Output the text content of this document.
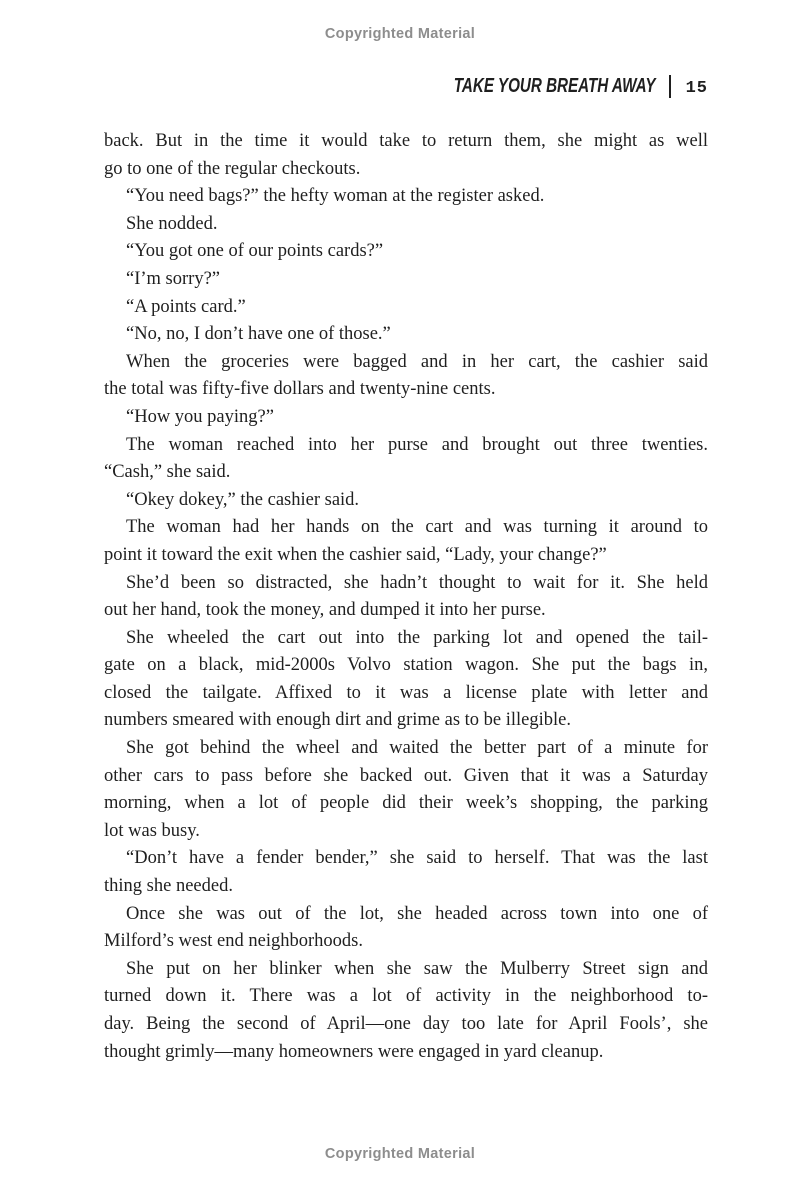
Copyrighted Material
TAKE YOUR BREATH AWAY 15
back. But in the time it would take to return them, she might as well
go to one of the regular checkouts.
“You need bags?” the hefty woman at the register asked.
She nodded.
“You got one of our points cards?”
“I’m sorry?”
“A points card.”
“No, no, I don’t have one of those.”
When the groceries were bagged and in her cart, the cashier said
the total was fifty-five dollars and twenty-nine cents.
“How you paying?”
The woman reached into her purse and brought out three twenties.
“Cash,” she said.
“Okey dokey,” the cashier said.
The woman had her hands on the cart and was turning it around to
point it toward the exit when the cashier said, “Lady, your change?”
She’d been so distracted, she hadn’t thought to wait for it. She held
out her hand, took the money, and dumped it into her purse.
She wheeled the cart out into the parking lot and opened the tail-
gate on a black, mid-2000s Volvo station wagon. She put the bags in,
closed the tailgate. Affixed to it was a license plate with letter and
numbers smeared with enough dirt and grime as to be illegible.
She got behind the wheel and waited the better part of a minute for
other cars to pass before she backed out. Given that it was a Saturday
morning, when a lot of people did their week’s shopping, the parking
lot was busy.
“Don’t have a fender bender,” she said to herself. That was the last
thing she needed.
Once she was out of the lot, she headed across town into one of
Milford’s west end neighborhoods.
She put on her blinker when she saw the Mulberry Street sign and
turned down it. There was a lot of activity in the neighborhood to-
day. Being the second of April—one day too late for April Fools’, she
thought grimly—many homeowners were engaged in yard cleanup.
Copyrighted Material
